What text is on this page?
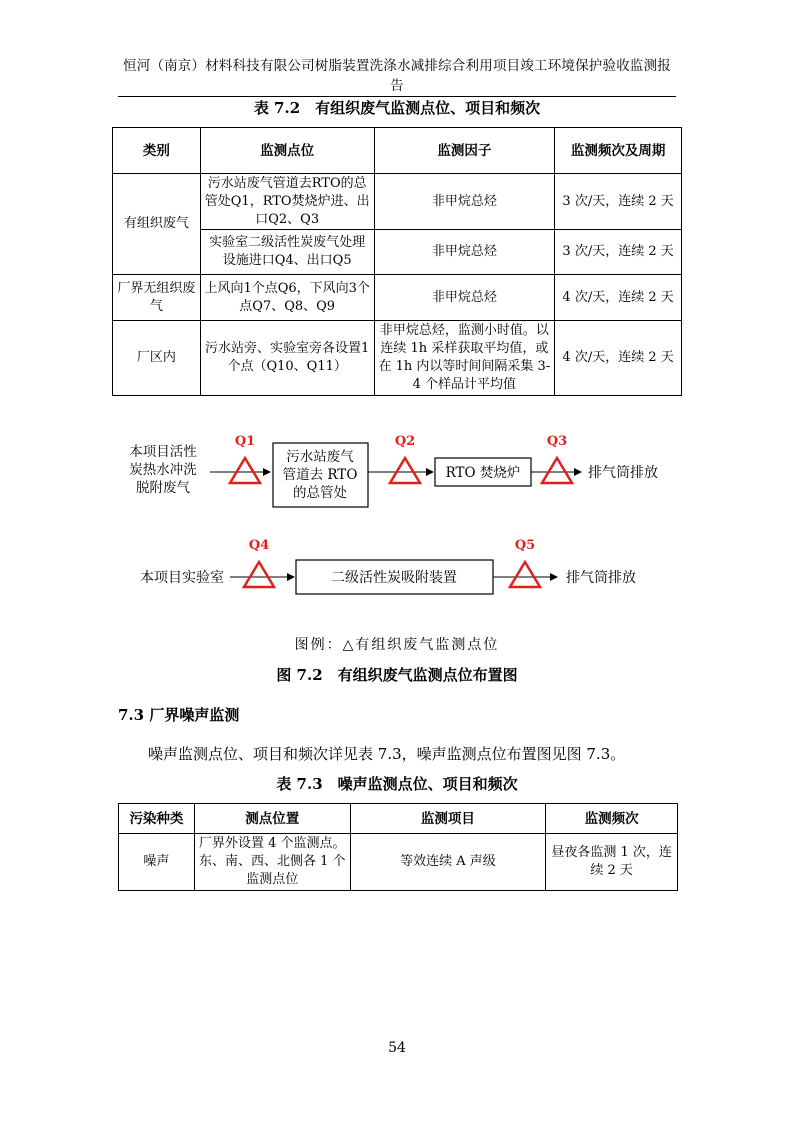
恒河（南京）材料科技有限公司树脂装置洗涤水减排综合利用项目竣工环境保护验收监测报告
表 7.2　有组织废气监测点位、项目和频次
类别	监测点位	监测因子	监测频次及周期
有组织废气	污水站废气管道去RTO的总管处Q1，RTO焚烧炉进、出口Q2、Q3	非甲烷总烃	3 次/天，连续 2 天
	实验室二级活性炭废气处理设施进口Q4、出口Q5	非甲烷总烃	3 次/天，连续 2 天
厂界无组织废气	上风向1个点Q6，下风向3个点Q7、Q8、Q9	非甲烷总烃	4 次/天，连续 2 天
厂区内	污水站旁、实验室旁各设置1个点（Q10、Q11）	非甲烷总烃，监测小时值。以连续 1h 采样获取平均值，或在 1h 内以等时间间隔采集 3-4 个样品计平均值	4 次/天，连续 2 天
本项目活性
炭热水冲洗
脱附废气
Q1
污水站废气
管道去 RTO
的总管处
Q2
RTO 焚烧炉
Q3
排气筒排放
本项目实验室
Q4
二级活性炭吸附装置
Q5
排气筒排放
图例：△有组织废气监测点位
图 7.2　有组织废气监测点位布置图
7.3 厂界噪声监测
噪声监测点位、项目和频次详见表 7.3，噪声监测点位布置图见图 7.3。
表 7.3　噪声监测点位、项目和频次
污染种类	测点位置	监测项目	监测频次
噪声	厂界外设置 4 个监测点。东、南、西、北侧各 1 个监测点位	等效连续 A 声级	昼夜各监测 1 次，连续 2 天
54
